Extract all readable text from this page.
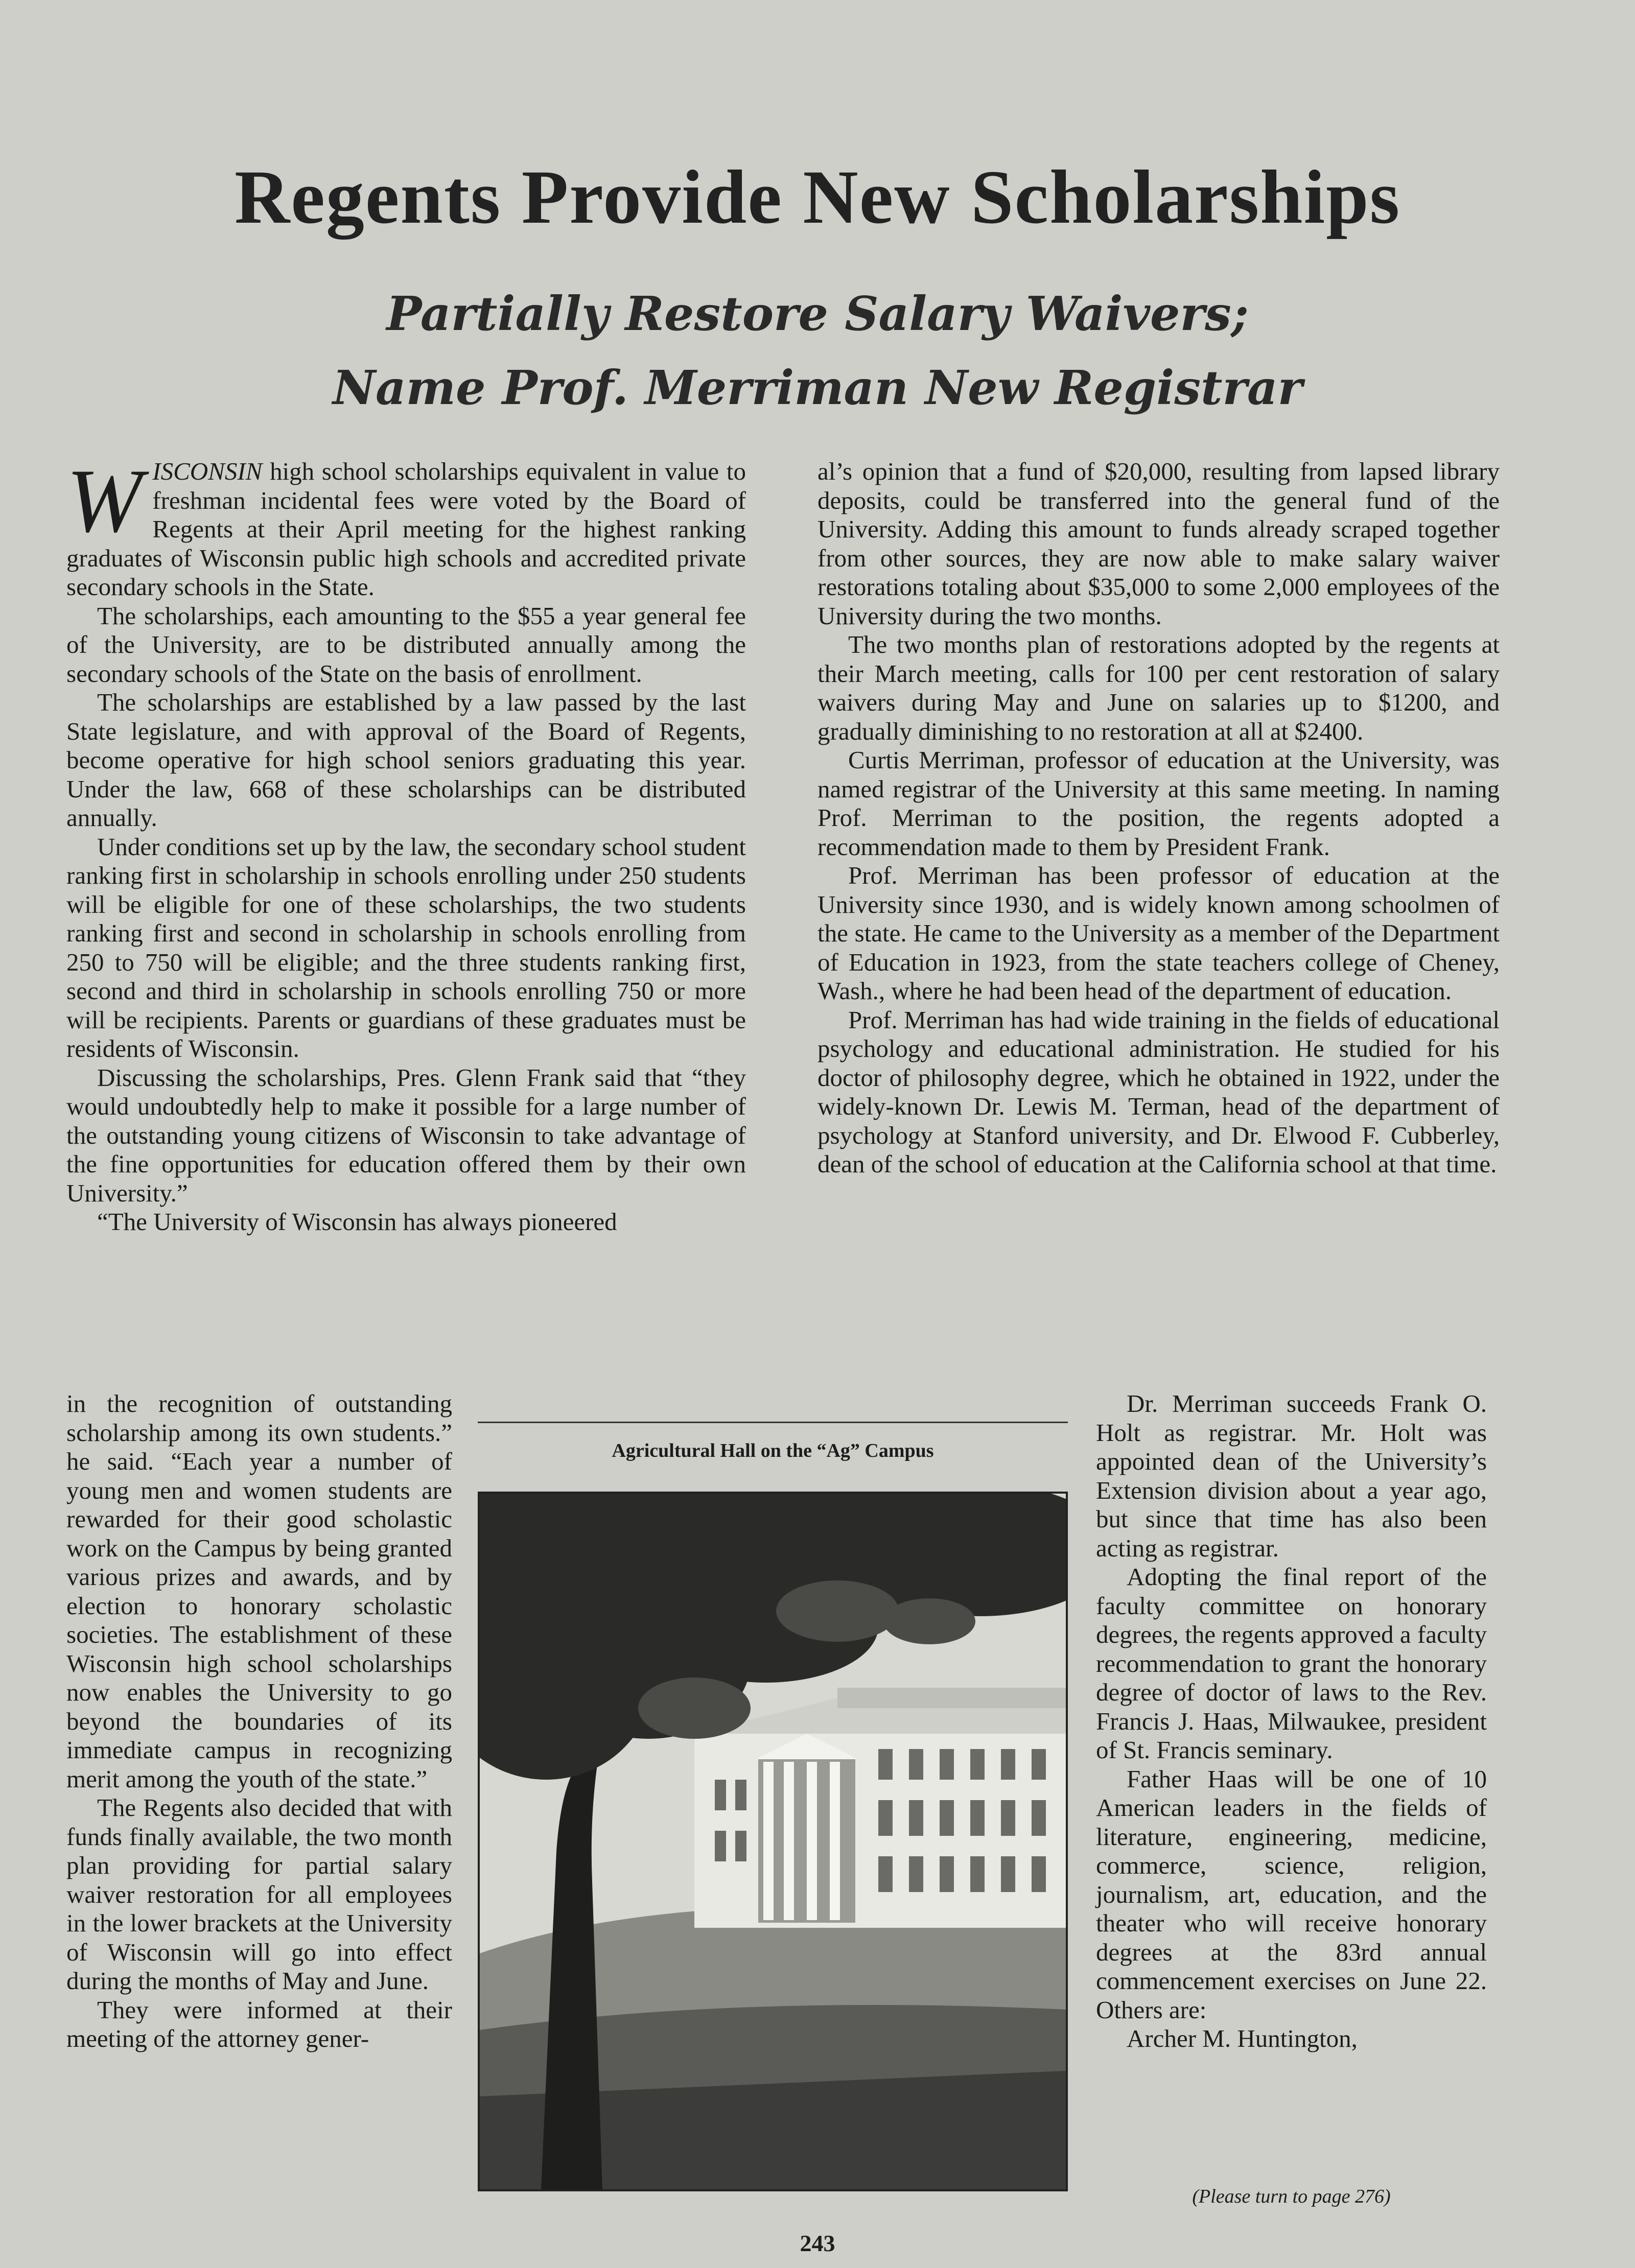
Regents Provide New Scholarships
Partially Restore Salary Waivers;
Name Prof. Merriman New Registrar

WISCONSIN high school scholarships equivalent in value to freshman incidental fees were voted by the Board of Regents at their April meeting for the highest ranking graduates of Wisconsin public high schools and accredited private secondary schools in the State.

The scholarships, each amounting to the $55 a year general fee of the University, are to be distributed annually among the secondary schools of the State on the basis of enrollment.

The scholarships are established by a law passed by the last State legislature, and with approval of the Board of Regents, become operative for high school seniors graduating this year. Under the law, 668 of these scholarships can be distributed annually.

Under conditions set up by the law, the secondary school student ranking first in scholarship in schools enrolling under 250 students will be eligible for one of these scholarships, the two students ranking first and second in scholarship in schools enrolling from 250 to 750 will be eligible; and the three students ranking first, second and third in scholarship in schools enrolling 750 or more will be recipients. Parents or guardians of these graduates must be residents of Wisconsin.

Discussing the scholarships, Pres. Glenn Frank said that “they would undoubtedly help to make it possible for a large number of the outstanding young citizens of Wisconsin to take advantage of the fine opportunities for education offered them by their own University.”

“The University of Wisconsin has always pioneered

in the recognition of outstanding scholarship among its own students.” he said. “Each year a number of young men and women students are rewarded for their good scholastic work on the Campus by being granted various prizes and awards, and by election to honorary scholastic societies. The establishment of these Wisconsin high school scholarships now enables the University to go beyond the boundaries of its immediate campus in recognizing merit among the youth of the state.”

The Regents also decided that with funds finally available, the two month plan providing for partial salary waiver restoration for all employees in the lower brackets at the University of Wisconsin will go into effect during the months of May and June.

They were informed at their meeting of the attorney gener-

al’s opinion that a fund of $20,000, resulting from lapsed library deposits, could be transferred into the general fund of the University. Adding this amount to funds already scraped together from other sources, they are now able to make salary waiver restorations totaling about $35,000 to some 2,000 employees of the University during the two months.

The two months plan of restorations adopted by the regents at their March meeting, calls for 100 per cent restoration of salary waivers during May and June on salaries up to $1200, and gradually diminishing to no restoration at all at $2400.

Curtis Merriman, professor of education at the University, was named registrar of the University at this same meeting. In naming Prof. Merriman to the position, the regents adopted a recommendation made to them by President Frank.

Prof. Merriman has been professor of education at the University since 1930, and is widely known among schoolmen of the state. He came to the University as a member of the Department of Education in 1923, from the state teachers college of Cheney, Wash., where he had been head of the department of education.

Prof. Merriman has had wide training in the fields of educational psychology and educational administration. He studied for his doctor of philosophy degree, which he obtained in 1922, under the widely-known Dr. Lewis M. Terman, head of the department of psychology at Stanford university, and Dr. Elwood F. Cubberley, dean of the school of education at the California school at that time.

Dr. Merriman succeeds Frank O. Holt as registrar. Mr. Holt was appointed dean of the University’s Extension division about a year ago, but since that time has also been acting as registrar.

Adopting the final report of the faculty committee on honorary degrees, the regents approved a faculty recommendation to grant the honorary degree of doctor of laws to the Rev. Francis J. Haas, Milwaukee, president of St. Francis seminary.

Father Haas will be one of 10 American leaders in the fields of literature, engineering, medicine, commerce, science, religion, journalism, art, education, and the theater who will receive honorary degrees at the 83rd annual commencement exercises on June 22. Others are:

Archer M. Huntington,

Agricultural Hall on the “Ag” Campus

(Please turn to page 276)

243
